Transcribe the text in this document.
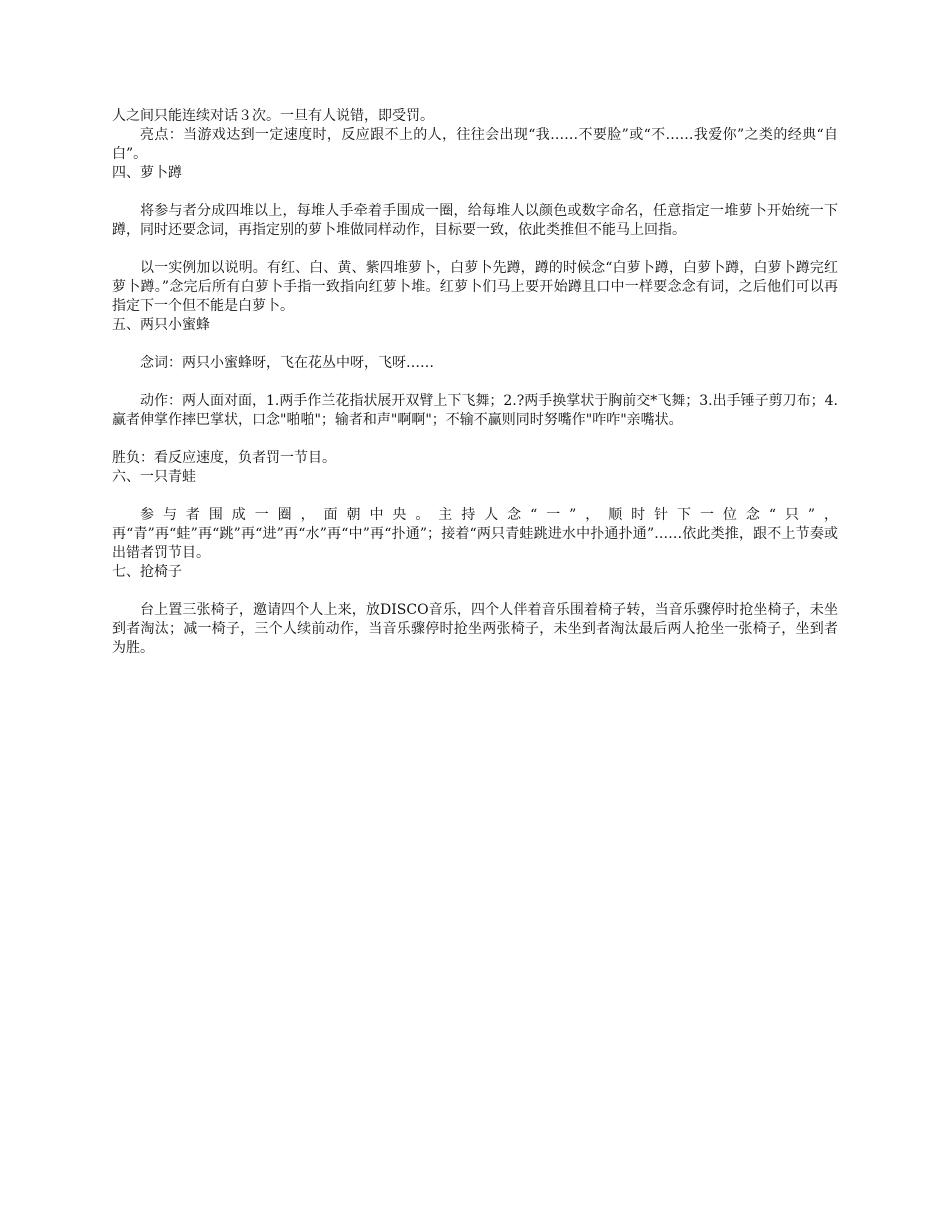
人之间只能连续对话３次。一旦有人说错，即受罚。

亮点：当游戏达到一定速度时，反应跟不上的人，往往会出现“我……不要脸”或“不……我爱你”之类的经典“自白”。

四、萝卜蹲

将参与者分成四堆以上，每堆人手牵着手围成一圈，给每堆人以颜色或数字命名，任意指定一堆萝卜开始统一下蹲，同时还要念词，再指定别的萝卜堆做同样动作，目标要一致，依此类推但不能马上回指。

以一实例加以说明。有红、白、黄、紫四堆萝卜，白萝卜先蹲，蹲的时候念“白萝卜蹲，白萝卜蹲，白萝卜蹲完红萝卜蹲。”念完后所有白萝卜手指一致指向红萝卜堆。红萝卜们马上要开始蹲且口中一样要念念有词，之后他们可以再指定下一个但不能是白萝卜。

五、两只小蜜蜂

念词：两只小蜜蜂呀，飞在花丛中呀，飞呀……

动作：两人面对面，1.两手作兰花指状展开双臂上下飞舞；2.?两手换掌状于胸前交*飞舞；3.出手锤子剪刀布；4.赢者伸掌作摔巴掌状，口念"啪啪"；输者和声"啊啊"；不输不赢则同时努嘴作"咋咋"亲嘴状。

胜负：看反应速度，负者罚一节目。

六、一只青蛙

参与者围成一圈，面朝中央。主持人念“一”，顺时针下一位念“只”，再“青”再“蛙”再“跳”再“进”再“水”再“中”再“扑通”；接着“两只青蛙跳进水中扑通扑通”……依此类推，跟不上节奏或出错者罚节目。

七、抢椅子

台上置三张椅子，邀请四个人上来，放DISCO音乐，四个人伴着音乐围着椅子转，当音乐骤停时抢坐椅子，未坐到者淘汰；减一椅子，三个人续前动作，当音乐骤停时抢坐两张椅子，未坐到者淘汰最后两人抢坐一张椅子，坐到者为胜。
